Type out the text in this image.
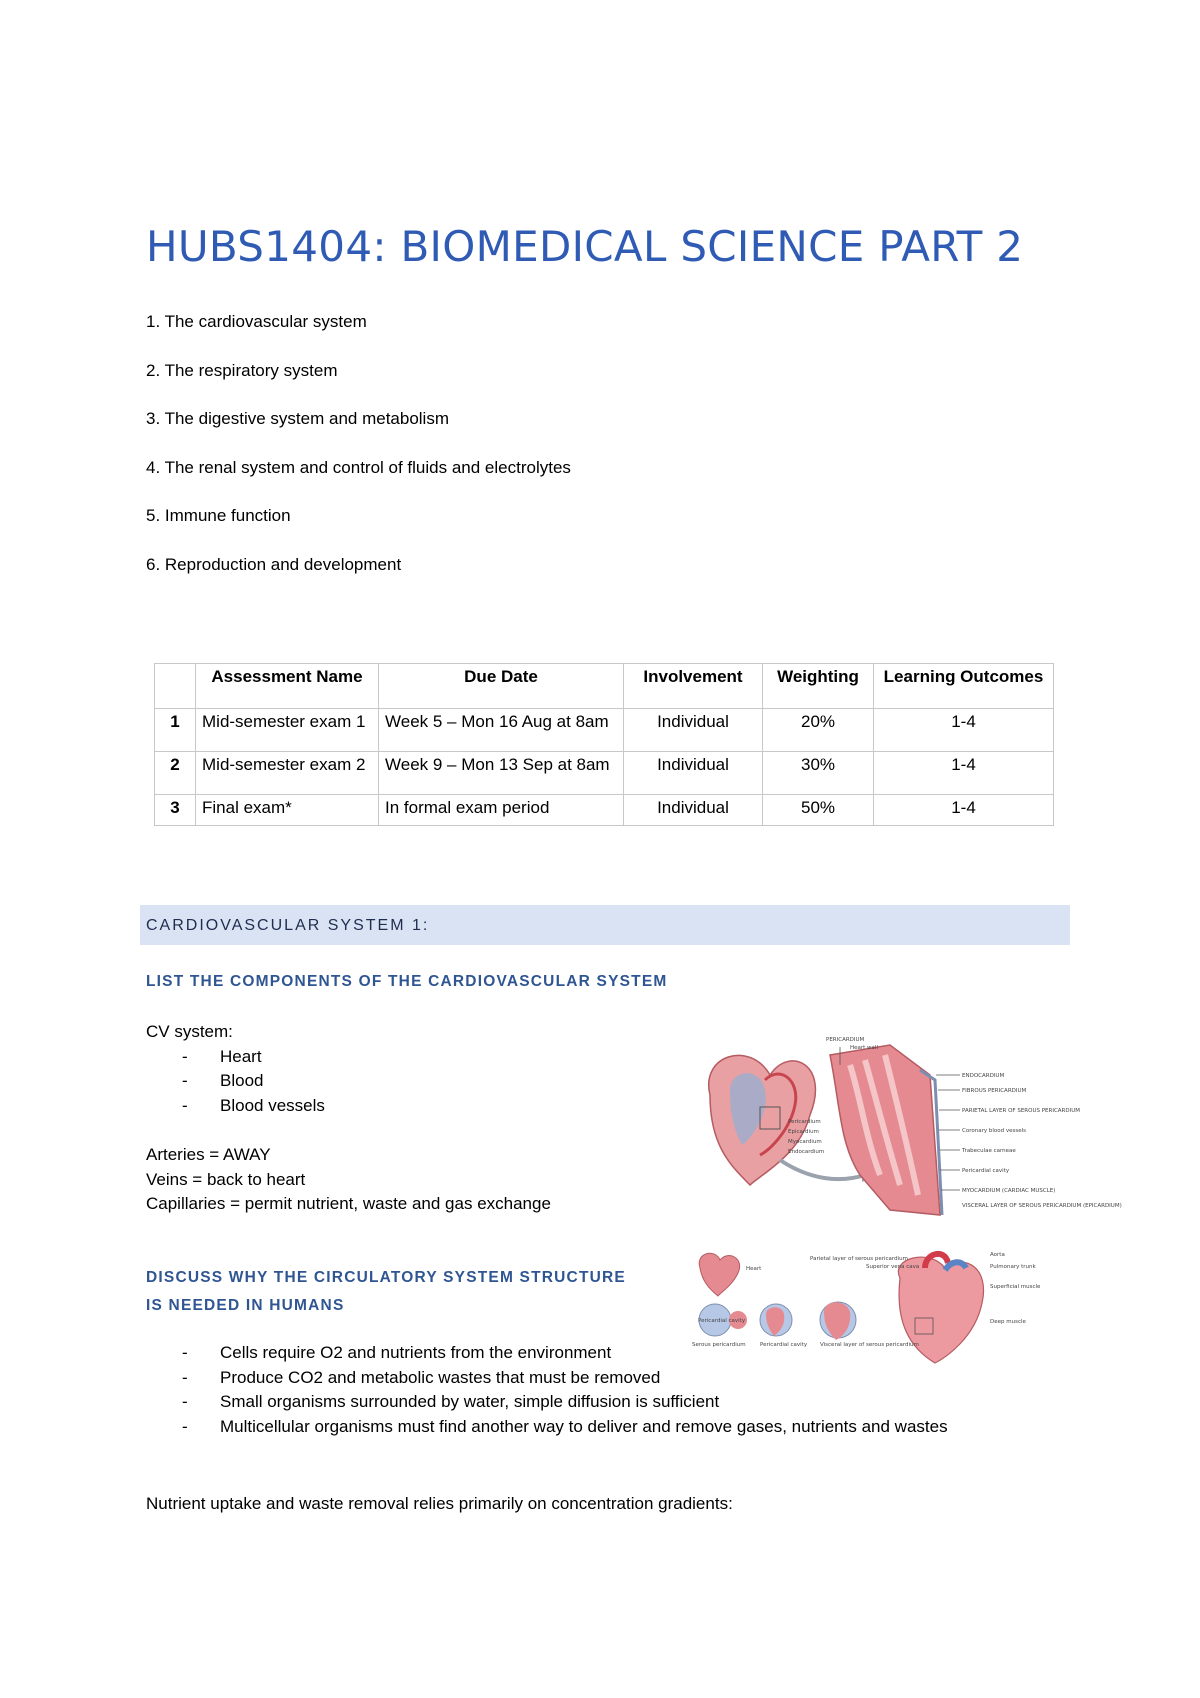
HUBS1404: BIOMEDICAL SCIENCE PART 2
1. The cardiovascular system
2. The respiratory system
3. The digestive system and metabolism
4. The renal system and control of fluids and electrolytes
5. Immune function
6. Reproduction and development
	Assessment Name	Due Date	Involvement	Weighting	Learning Outcomes
1	Mid-semester exam 1	Week 5 – Mon 16 Aug at 8am	Individual	20%	1-4
2	Mid-semester exam 2	Week 9 – Mon 13 Sep at 8am	Individual	30%	1-4
3	Final exam*	In formal exam period	Individual	50%	1-4
CARDIOVASCULAR SYSTEM 1:
LIST THE COMPONENTS OF THE CARDIOVASCULAR SYSTEM
CV system:
- Heart
- Blood
- Blood vessels
Arteries = AWAY
Veins = back to heart
Capillaries = permit nutrient, waste and gas exchange
DISCUSS WHY THE CIRCULATORY SYSTEM STRUCTURE
IS NEEDED IN HUMANS
- Cells require O2 and nutrients from the environment
- Produce CO2 and metabolic wastes that must be removed
- Small organisms surrounded by water, simple diffusion is sufficient
- Multicellular organisms must find another way to deliver and remove gases, nutrients and wastes
Nutrient uptake and waste removal relies primarily on concentration gradients:
PERICARDIUM
Heart wall
Pericardium
Epicardium
Myocardium
Endocardium
ENDOCARDIUM
FIBROUS PERICARDIUM
PARIETAL LAYER OF SEROUS PERICARDIUM
Coronary blood vessels
Trabeculae carneae
Pericardial cavity
MYOCARDIUM (CARDIAC MUSCLE)
VISCERAL LAYER OF SEROUS PERICARDIUM (EPICARDIUM)
Heart
Pericardial cavity
Serous pericardium	Pericardial cavity Visceral layer of serous pericardium
Parietal layer of serous pericardium
Superior vena cava
Aorta
Pulmonary trunk
Superficial muscle
Deep muscle
